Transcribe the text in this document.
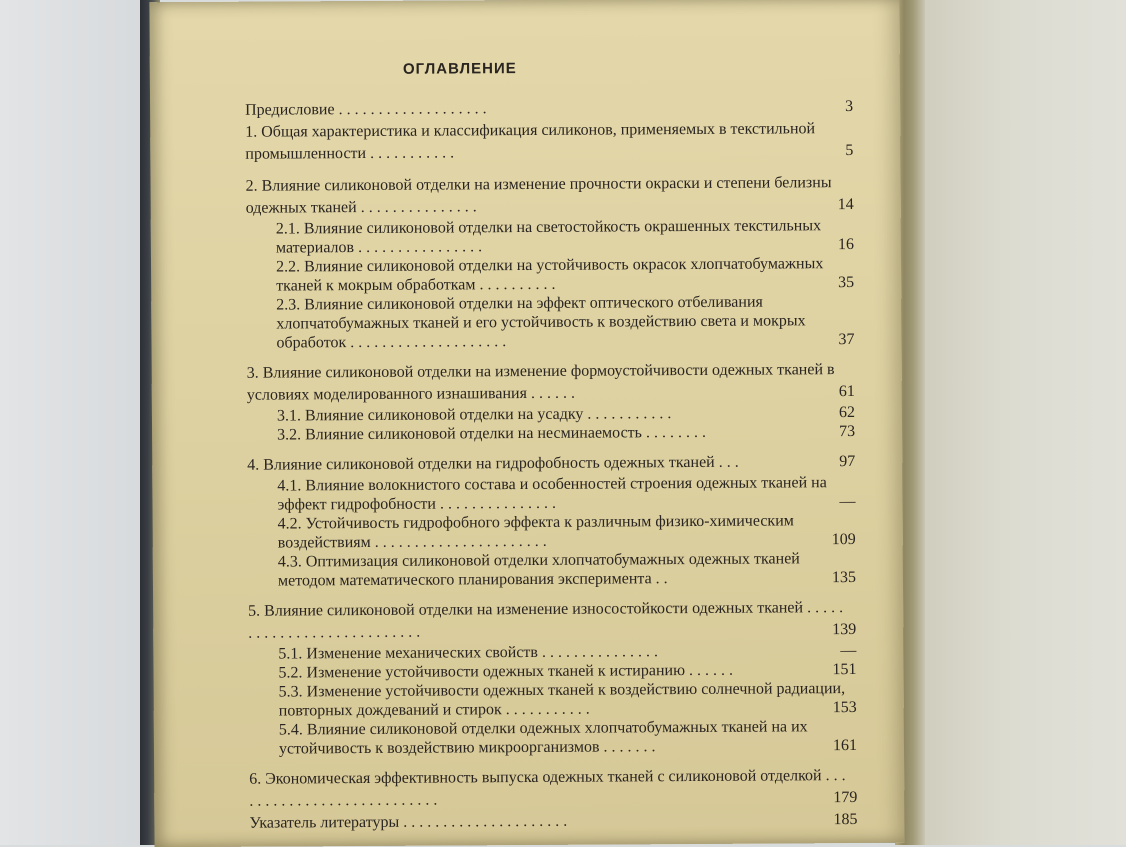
ОГЛАВЛЕНИЕ
Предисловие . . . . . . . . . . . . . . . . . . .	3
1. Общая характеристика и классификация силиконов, применяемых в текстильной промышленности . . . . . . . . . . .	5
2. Влияние силиконовой отделки на изменение прочности окраски и степени белизны одежных тканей . . . . . . . . . . . . . . .	14
2.1. Влияние силиконовой отделки на светостойкость окрашенных текстильных материалов . . . . . . . . . . . . . . . .	16
2.2. Влияние силиконовой отделки на устойчивость окрасок хлопчатобумажных тканей к мокрым обработкам . . . . . . . . . .	35
2.3. Влияние силиконовой отделки на эффект оптического отбеливания хлопчатобумажных тканей и его устойчивость к воздействию света и мокрых обработок . . . . . . . . . . . . . . . . . . . .	37
3. Влияние силиконовой отделки на изменение формоустойчивости одежных тканей в условиях моделированного изнашивания . . . . . .	61
3.1. Влияние силиконовой отделки на усадку . . . . . . . . . . .	62
3.2. Влияние силиконовой отделки на несминаемость . . . . . . . .	73
4. Влияние силиконовой отделки на гидрофобность одежных тканей . . .	97
4.1. Влияние волокнистого состава и особенностей строения одежных тканей на эффект гидрофобности . . . . . . . . . . . . . . .	—
4.2. Устойчивость гидрофобного эффекта к различным физико-химическим воздействиям . . . . . . . . . . . . . . . . . . . . . .	109
4.3. Оптимизация силиконовой отделки хлопчатобумажных одежных тканей методом математического планирования эксперимента . .	135
5. Влияние силиконовой отделки на изменение износостойкости одежных тканей . . . . . . . . . . . . . . . . . . . . . . . . . . .	139
5.1. Изменение механических свойств . . . . . . . . . . . . . . .	—
5.2. Изменение устойчивости одежных тканей к истиранию . . . . . .	151
5.3. Изменение устойчивости одежных тканей к воздействию солнечной радиации, повторных дождеваний и стирок . . . . . . . . . . .	153
5.4. Влияние силиконовой отделки одежных хлопчатобумажных тканей на их устойчивость к воздействию микроорганизмов . . . . . . .	161
6. Экономическая эффективность выпуска одежных тканей с силиконовой отделкой . . . . . . . . . . . . . . . . . . . . . . . . . . .	179
Указатель литературы . . . . . . . . . . . . . . . . . . . . .	185
